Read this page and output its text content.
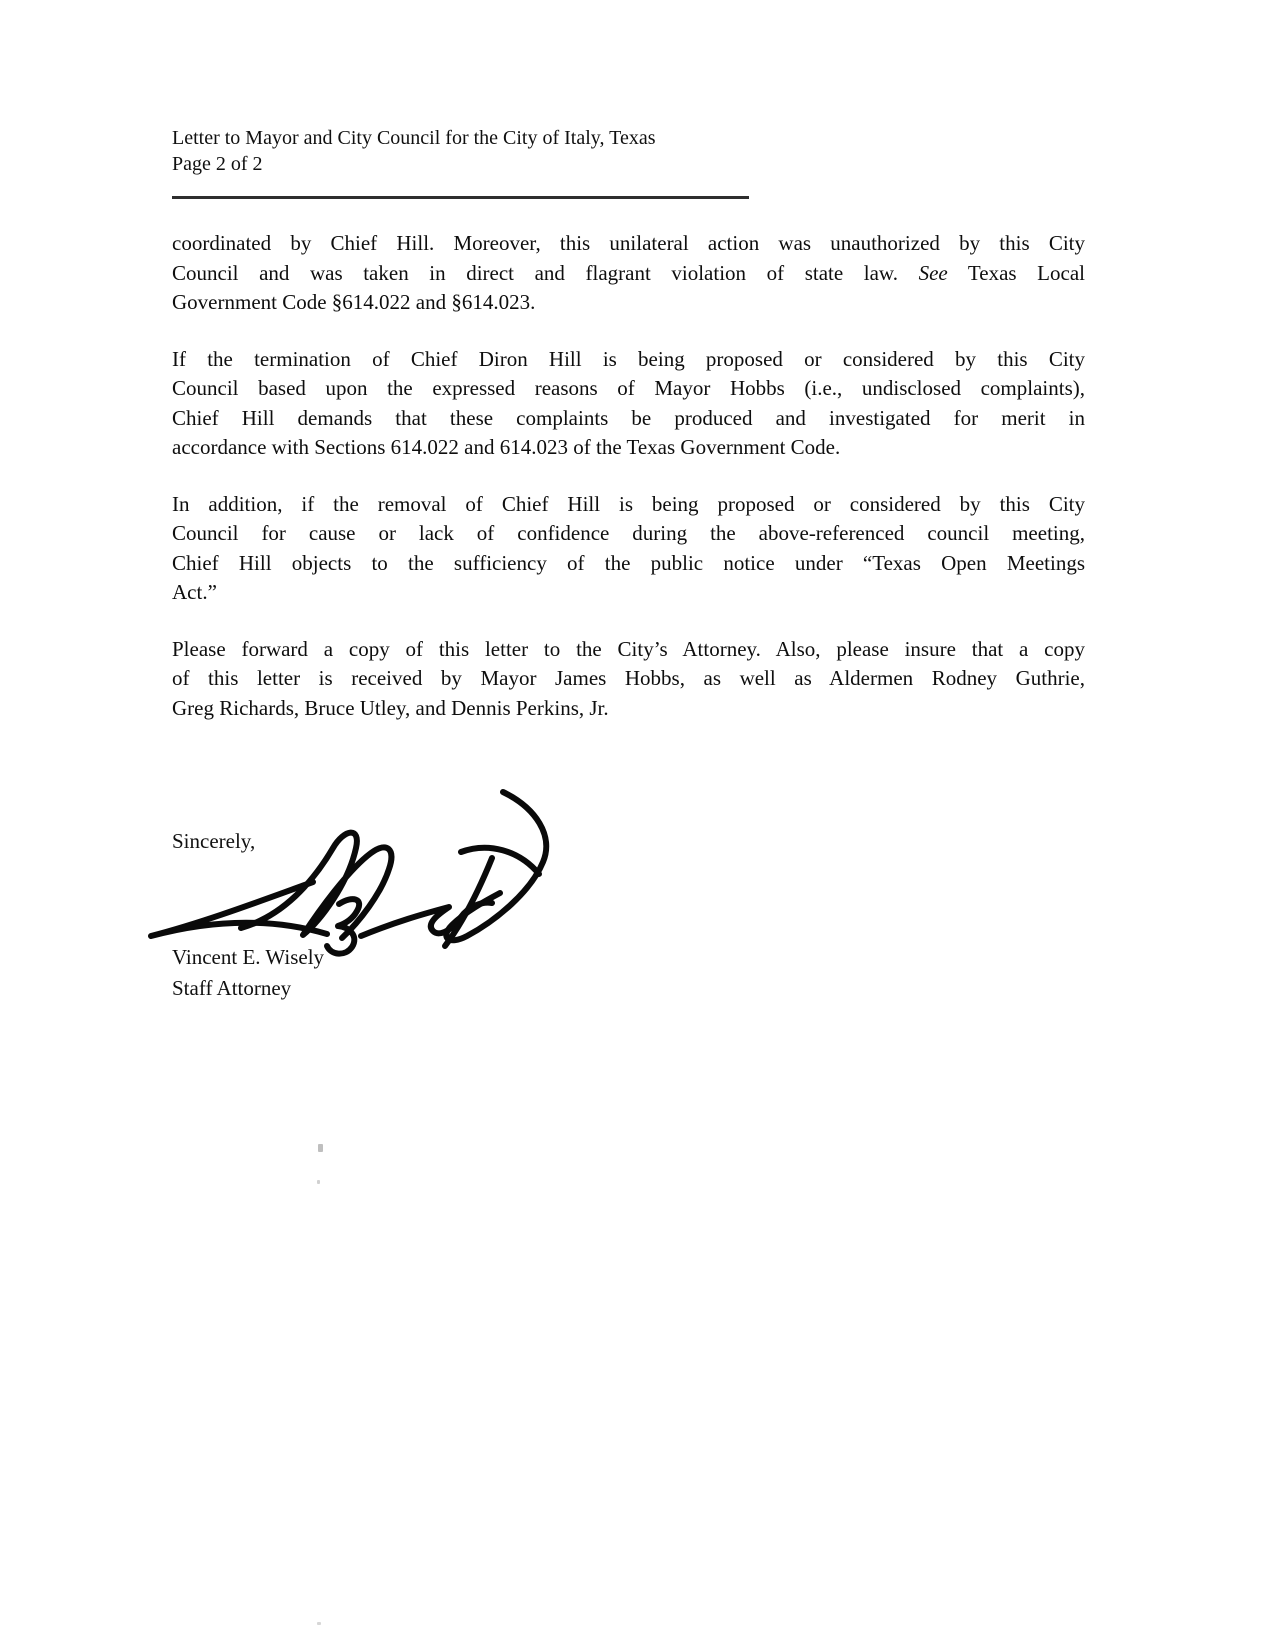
Letter to Mayor and City Council for the City of Italy, Texas
Page 2 of 2
coordinated by Chief Hill. Moreover, this unilateral action was unauthorized by this City
Council and was taken in direct and flagrant violation of state law. See Texas Local
Government Code §614.022 and §614.023.
If the termination of Chief Diron Hill is being proposed or considered by this City
Council based upon the expressed reasons of Mayor Hobbs (i.e., undisclosed complaints),
Chief Hill demands that these complaints be produced and investigated for merit in
accordance with Sections 614.022 and 614.023 of the Texas Government Code.
In addition, if the removal of Chief Hill is being proposed or considered by this City
Council for cause or lack of confidence during the above-referenced council meeting,
Chief Hill objects to the sufficiency of the public notice under “Texas Open Meetings
Act.”
Please forward a copy of this letter to the City’s Attorney. Also, please insure that a copy
of this letter is received by Mayor James Hobbs, as well as Aldermen Rodney Guthrie,
Greg Richards, Bruce Utley, and Dennis Perkins, Jr.
Sincerely,
Vincent E. Wisely
Staff Attorney
